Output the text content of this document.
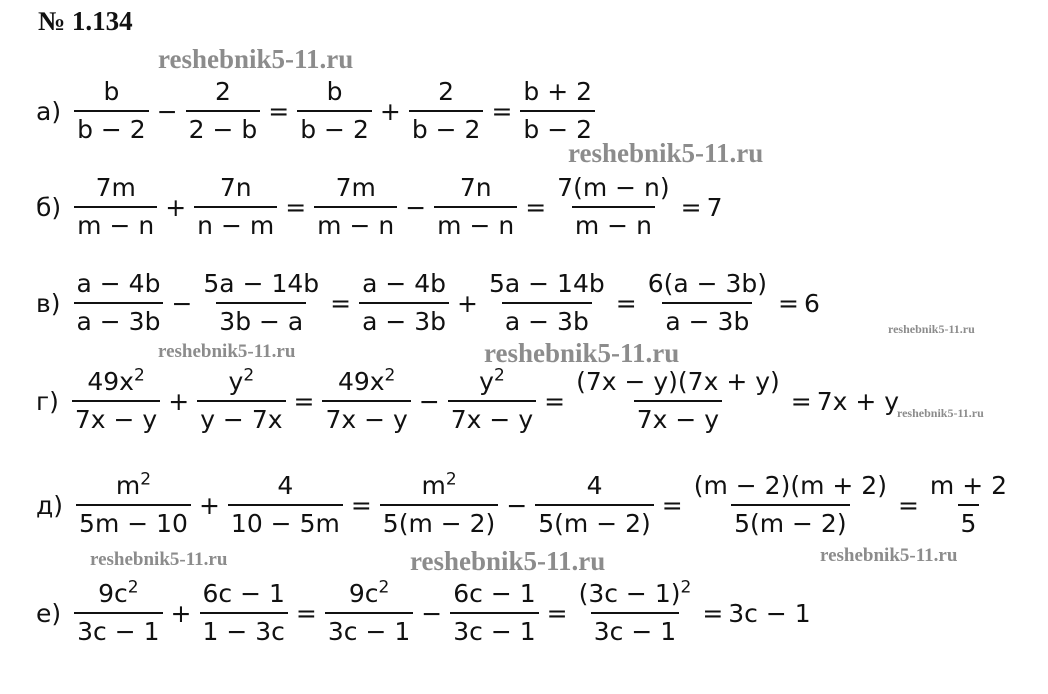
№ 1.134
reshebnik5-11.ru
reshebnik5-11.ru
reshebnik5-11.ru
reshebnik5-11.ru
reshebnik5-11.ru
reshebnik5-11.ru	reshebnik5-11.ru
reshebnik5-11.ru
reshebnik5-11.ru
$а) \frac{b}{b - 2} - \frac{2}{2 - b} = \frac{b}{b - 2} + \frac{2}{b - 2} = \frac{b + 2}{b - 2}$
$б) \frac{7m}{m - n} + \frac{7n}{n - m} = \frac{7m}{m - n} - \frac{7n}{m - n} = \frac{7(m - n)}{m - n} = 7$
$в) \frac{a - 4b}{a - 3b} - \frac{5a - 14b}{3b - a} = \frac{a - 4b}{a - 3b} + \frac{5a - 14b}{a - 3b} = \frac{6(a - 3b)}{a - 3b} = 6$
$г) \frac{49x^2}{7x - y} + \frac{y^2}{y - 7x} = \frac{49x^2}{7x - y} - \frac{y^2}{7x - y} = \frac{(7x - y)(7x + y)}{7x - y} = 7x + y$
$д) \frac{m^2}{5m - 10} + \frac{4}{10 - 5m} = \frac{m^2}{5(m - 2)} - \frac{4}{5(m - 2)} = \frac{(m - 2)(m + 2)}{5(m - 2)} = \frac{m + 2}{5}$
$е) \frac{9c^2}{3c - 1} + \frac{6c - 1}{1 - 3c} = \frac{9c^2}{3c - 1} - \frac{6c - 1}{3c - 1} = \frac{(3c - 1)^2}{3c - 1} = 3c - 1$
